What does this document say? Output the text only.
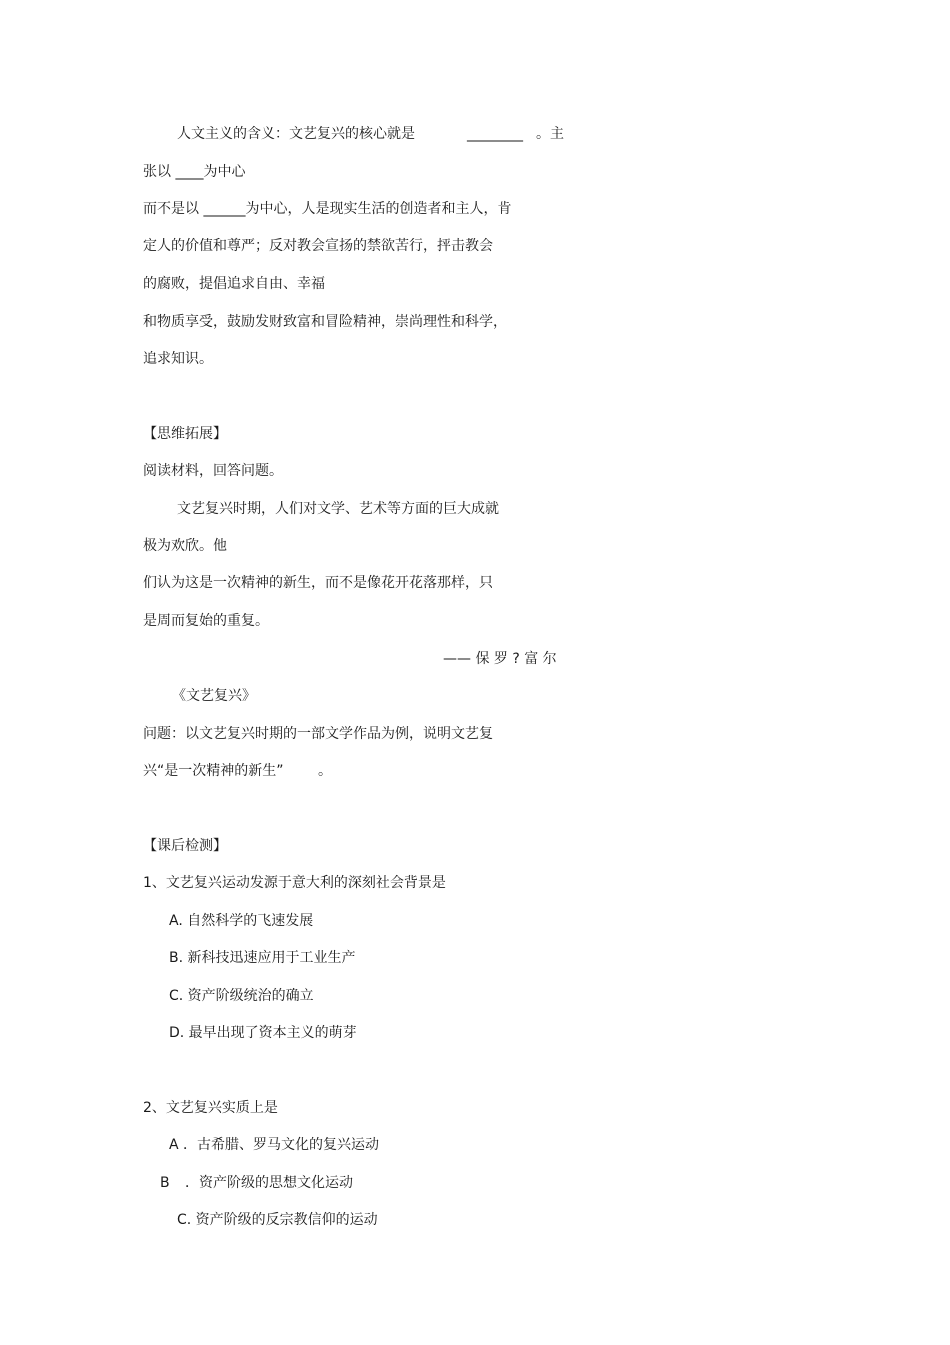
人文主义的含义：文艺复兴的核心就是	________ 。主
张以 ____为中心
而不是以 ______为中心，人是现实生活的创造者和主人，肯
定人的价值和尊严；反对教会宣扬的禁欲苦行，抨击教会
的腐败，提倡追求自由、幸福
和物质享受，鼓励发财致富和冒险精神，崇尚理性和科学，
追求知识。
【思维拓展】
阅读材料，回答问题。
文艺复兴时期，人们对文学、艺术等方面的巨大成就
极为欢欣。他
们认为这是一次精神的新生，而不是像花开花落那样，只
是周而复始的重复。
—— 保 罗 ? 富 尔
《文艺复兴》
问题：以文艺复兴时期的一部文学作品为例，说明文艺复
兴“是一次精神的新生” 。
【课后检测】
1、文艺复兴运动发源于意大利的深刻社会背景是
A. 自然科学的飞速发展
B. 新科技迅速应用于工业生产
C. 资产阶级统治的确立
D. 最早出现了资本主义的萌芽
2、文艺复兴实质上是
A ．古希腊、罗马文化的复兴运动
B ．资产阶级的思想文化运动
C. 资产阶级的反宗教信仰的运动
